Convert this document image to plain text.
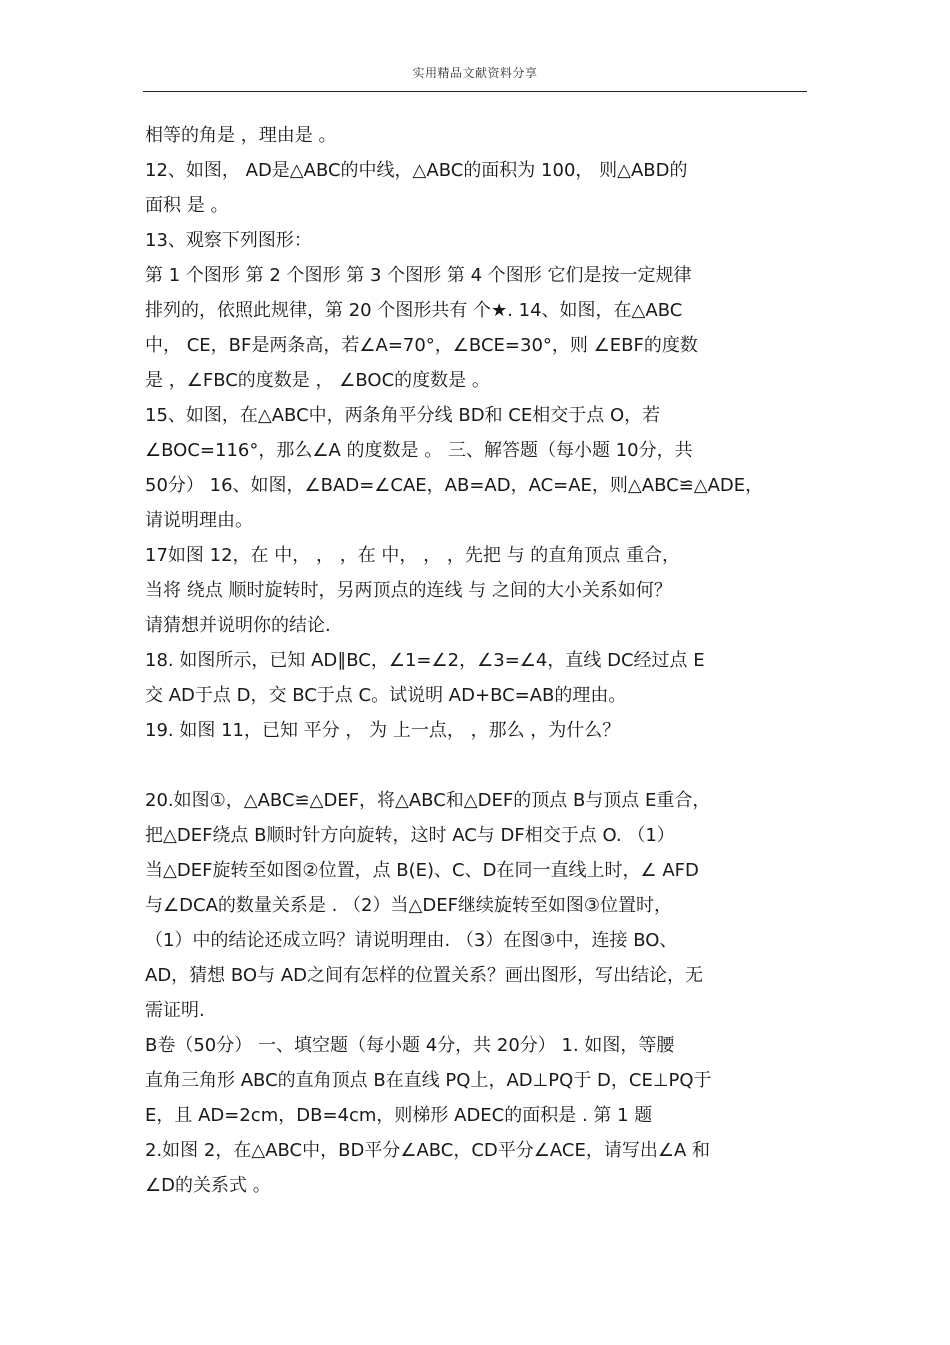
实用精品文献资料分享
相等的角是 ，理由是 。
12、如图， AD是△ABC的中线，△ABC的面积为 100， 则△ABD的
面积 是 。
13、观察下列图形：
第 1 个图形 第 2 个图形 第 3 个图形 第 4 个图形 它们是按一定规律
排列的，依照此规律，第 20 个图形共有 个★. 14、如图，在△ABC
中， CE，BF是两条高，若∠A=70°，∠BCE=30°，则 ∠EBF的度数
是 ，∠FBC的度数是 ， ∠BOC的度数是 。
15、如图，在△ABC中，两条角平分线 BD和 CE相交于点 O，若
∠BOC=116°，那么∠A 的度数是 。 三、解答题（每小题 10分，共
50分） 16、如图，∠BAD=∠CAE，AB=AD，AC=AE，则△ABC≌△ADE，
请说明理由。
17如图 12，在 中， ， ，在 中， ， ，先把 与 的直角顶点 重合，
当将 绕点 顺时旋转时，另两顶点的连线 与 之间的大小关系如何？
请猜想并说明你的结论.
18. 如图所示，已知 AD∥BC，∠1=∠2，∠3=∠4，直线 DC经过点 E
交 AD于点 D，交 BC于点 C。试说明 AD+BC=AB的理由。
19. 如图 11，已知 平分 ， 为 上一点， ，那么 ，为什么？
20.如图①，△ABC≌△DEF，将△ABC和△DEF的顶点 B与顶点 E重合，
把△DEF绕点 B顺时针方向旋转，这时 AC与 DF相交于点 O. （1）
当△DEF旋转至如图②位置，点 B(E)、C、D在同一直线上时，∠ AFD
与∠DCA的数量关系是 . （2）当△DEF继续旋转至如图③位置时，
（1）中的结论还成立吗？请说明理由. （3）在图③中，连接 BO、
AD，猜想 BO与 AD之间有怎样的位置关系？画出图形，写出结论，无
需证明.
B卷（50分） 一、填空题（每小题 4分，共 20分） 1. 如图，等腰
直角三角形 ABC的直角顶点 B在直线 PQ上，AD⊥PQ于 D，CE⊥PQ于
E，且 AD=2cm，DB=4cm，则梯形 ADEC的面积是 . 第 1 题
2.如图 2，在△ABC中，BD平分∠ABC，CD平分∠ACE，请写出∠A 和
∠D的关系式 。
